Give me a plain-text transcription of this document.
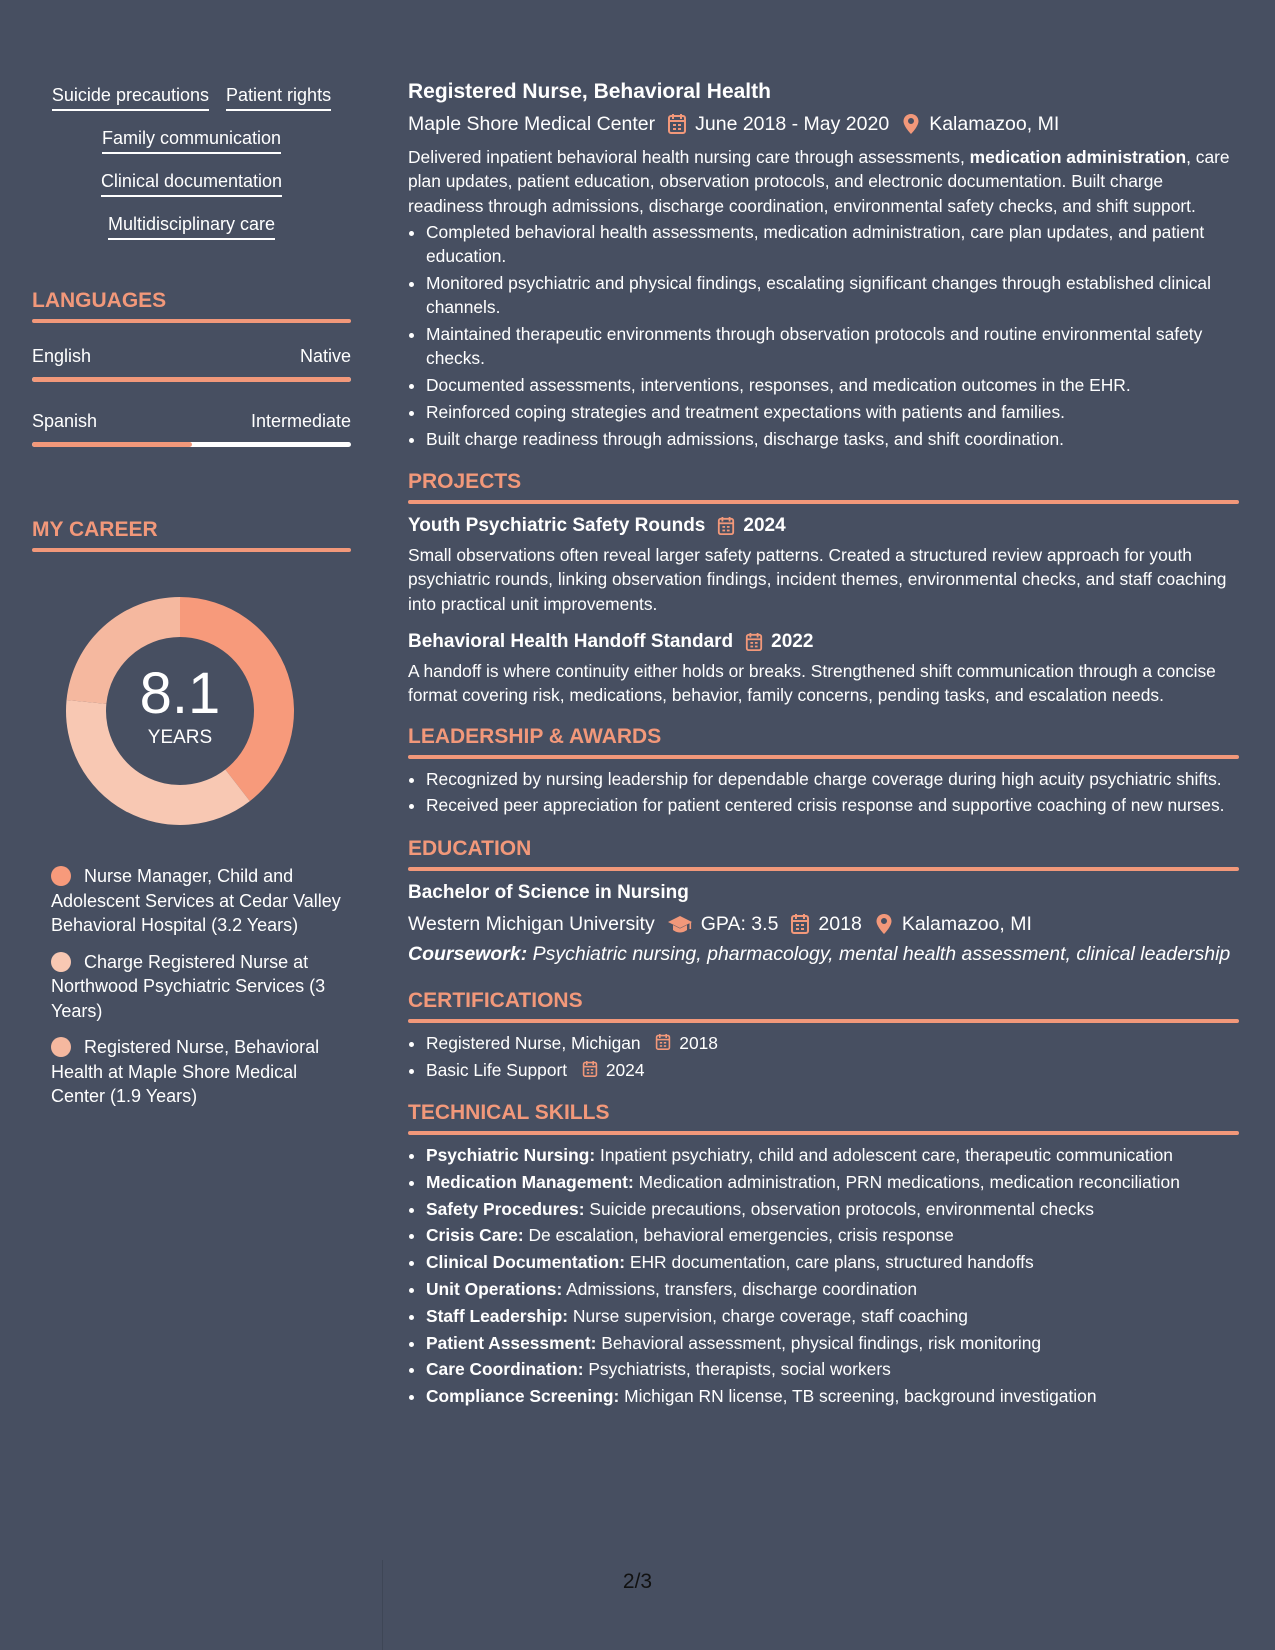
Suicide precautions Patient rights
Family communication
Clinical documentation
Multidisciplinary care
LANGUAGES
English	Native
Spanish	Intermediate
MY CAREER
8.1
YEARS
Nurse Manager, Child and Adolescent Services at Cedar Valley Behavioral Hospital (3.2 Years)
Charge Registered Nurse at Northwood Psychiatric Services (3 Years)
Registered Nurse, Behavioral Health at Maple Shore Medical Center (1.9 Years)
Registered Nurse, Behavioral Health
Maple Shore Medical Center June 2018 - May 2020 Kalamazoo, MI

Delivered inpatient behavioral health nursing care through assessments, medication administration, care plan updates, patient education, observation protocols, and electronic documentation. Built charge readiness through admissions, discharge coordination, environmental safety checks, and shift support.

• Completed behavioral health assessments, medication administration, care plan updates, and patient education.
• Monitored psychiatric and physical findings, escalating significant changes through established clinical channels.
• Maintained therapeutic environments through observation protocols and routine environmental safety checks.
• Documented assessments, interventions, responses, and medication outcomes in the EHR.
• Reinforced coping strategies and treatment expectations with patients and families.
• Built charge readiness through admissions, discharge tasks, and shift coordination.
PROJECTS
Youth Psychiatric Safety Rounds 2024

Small observations often reveal larger safety patterns. Created a structured review approach for youth psychiatric rounds, linking observation findings, incident themes, environmental checks, and staff coaching into practical unit improvements.

Behavioral Health Handoff Standard 2022

A handoff is where continuity either holds or breaks. Strengthened shift communication through a concise format covering risk, medications, behavior, family concerns, pending tasks, and escalation needs.

LEADERSHIP & AWARDS
• Recognized by nursing leadership for dependable charge coverage during high acuity psychiatric shifts.
• Received peer appreciation for patient centered crisis response and supportive coaching of new nurses.
EDUCATION
Bachelor of Science in Nursing
Western Michigan University GPA: 3.5 2018 Kalamazoo, MI
Coursework: Psychiatric nursing, pharmacology, mental health assessment, clinical leadership
CERTIFICATIONS
• Registered Nurse, Michigan 2018
• Basic Life Support 2024
TECHNICAL SKILLS
• Psychiatric Nursing: Inpatient psychiatry, child and adolescent care, therapeutic communication
• Medication Management: Medication administration, PRN medications, medication reconciliation
• Safety Procedures: Suicide precautions, observation protocols, environmental checks
• Crisis Care: De escalation, behavioral emergencies, crisis response
• Clinical Documentation: EHR documentation, care plans, structured handoffs
• Unit Operations: Admissions, transfers, discharge coordination
• Staff Leadership: Nurse supervision, charge coverage, staff coaching
• Patient Assessment: Behavioral assessment, physical findings, risk monitoring
• Care Coordination: Psychiatrists, therapists, social workers
• Compliance Screening: Michigan RN license, TB screening, background investigation
2/3
